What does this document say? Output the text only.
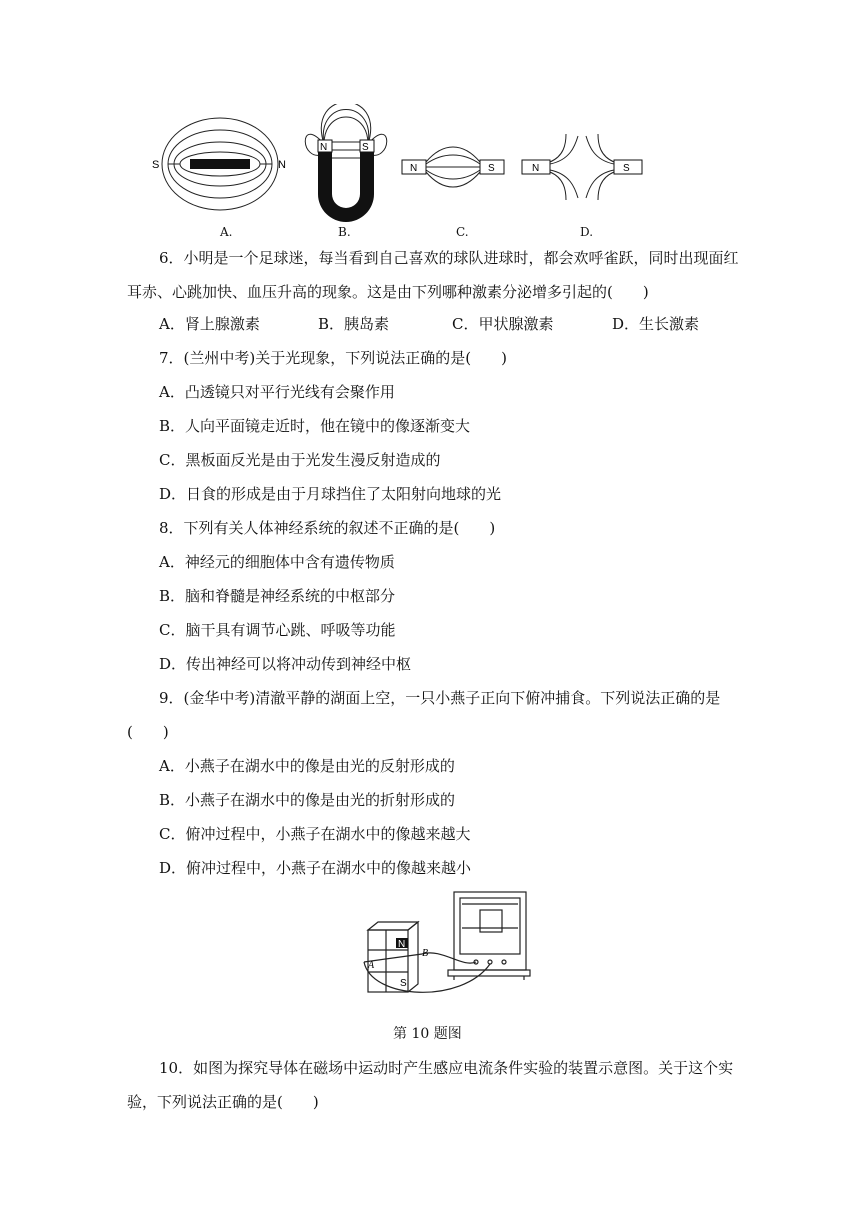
S	N
N	S
N	S	N	S
A.	B.	C.	D.
6．小明是一个足球迷，每当看到自己喜欢的球队进球时，都会欢呼雀跃，同时出现面红
耳赤、心跳加快、血压升高的现象。这是由下列哪种激素分泌增多引起的(　　)
A．肾上腺激素	B．胰岛素	C．甲状腺激素	D．生长激素
7．(兰州中考)关于光现象，下列说法正确的是(　　)
A．凸透镜只对平行光线有会聚作用
B．人向平面镜走近时，他在镜中的像逐渐变大
C．黑板面反光是由于光发生漫反射造成的
D．日食的形成是由于月球挡住了太阳射向地球的光
8．下列有关人体神经系统的叙述不正确的是(　　)
A．神经元的细胞体中含有遗传物质
B．脑和脊髓是神经系统的中枢部分
C．脑干具有调节心跳、呼吸等功能
D．传出神经可以将冲动传到神经中枢
9．(金华中考)清澈平静的湖面上空，一只小燕子正向下俯冲捕食。下列说法正确的是
(　　)
A．小燕子在湖水中的像是由光的反射形成的
B．小燕子在湖水中的像是由光的折射形成的
C．俯冲过程中，小燕子在湖水中的像越来越大
D．俯冲过程中，小燕子在湖水中的像越来越小
N
S
A
B
第 10 题图
10．如图为探究导体在磁场中运动时产生感应电流条件实验的装置示意图。关于这个实
验，下列说法正确的是(　　)
